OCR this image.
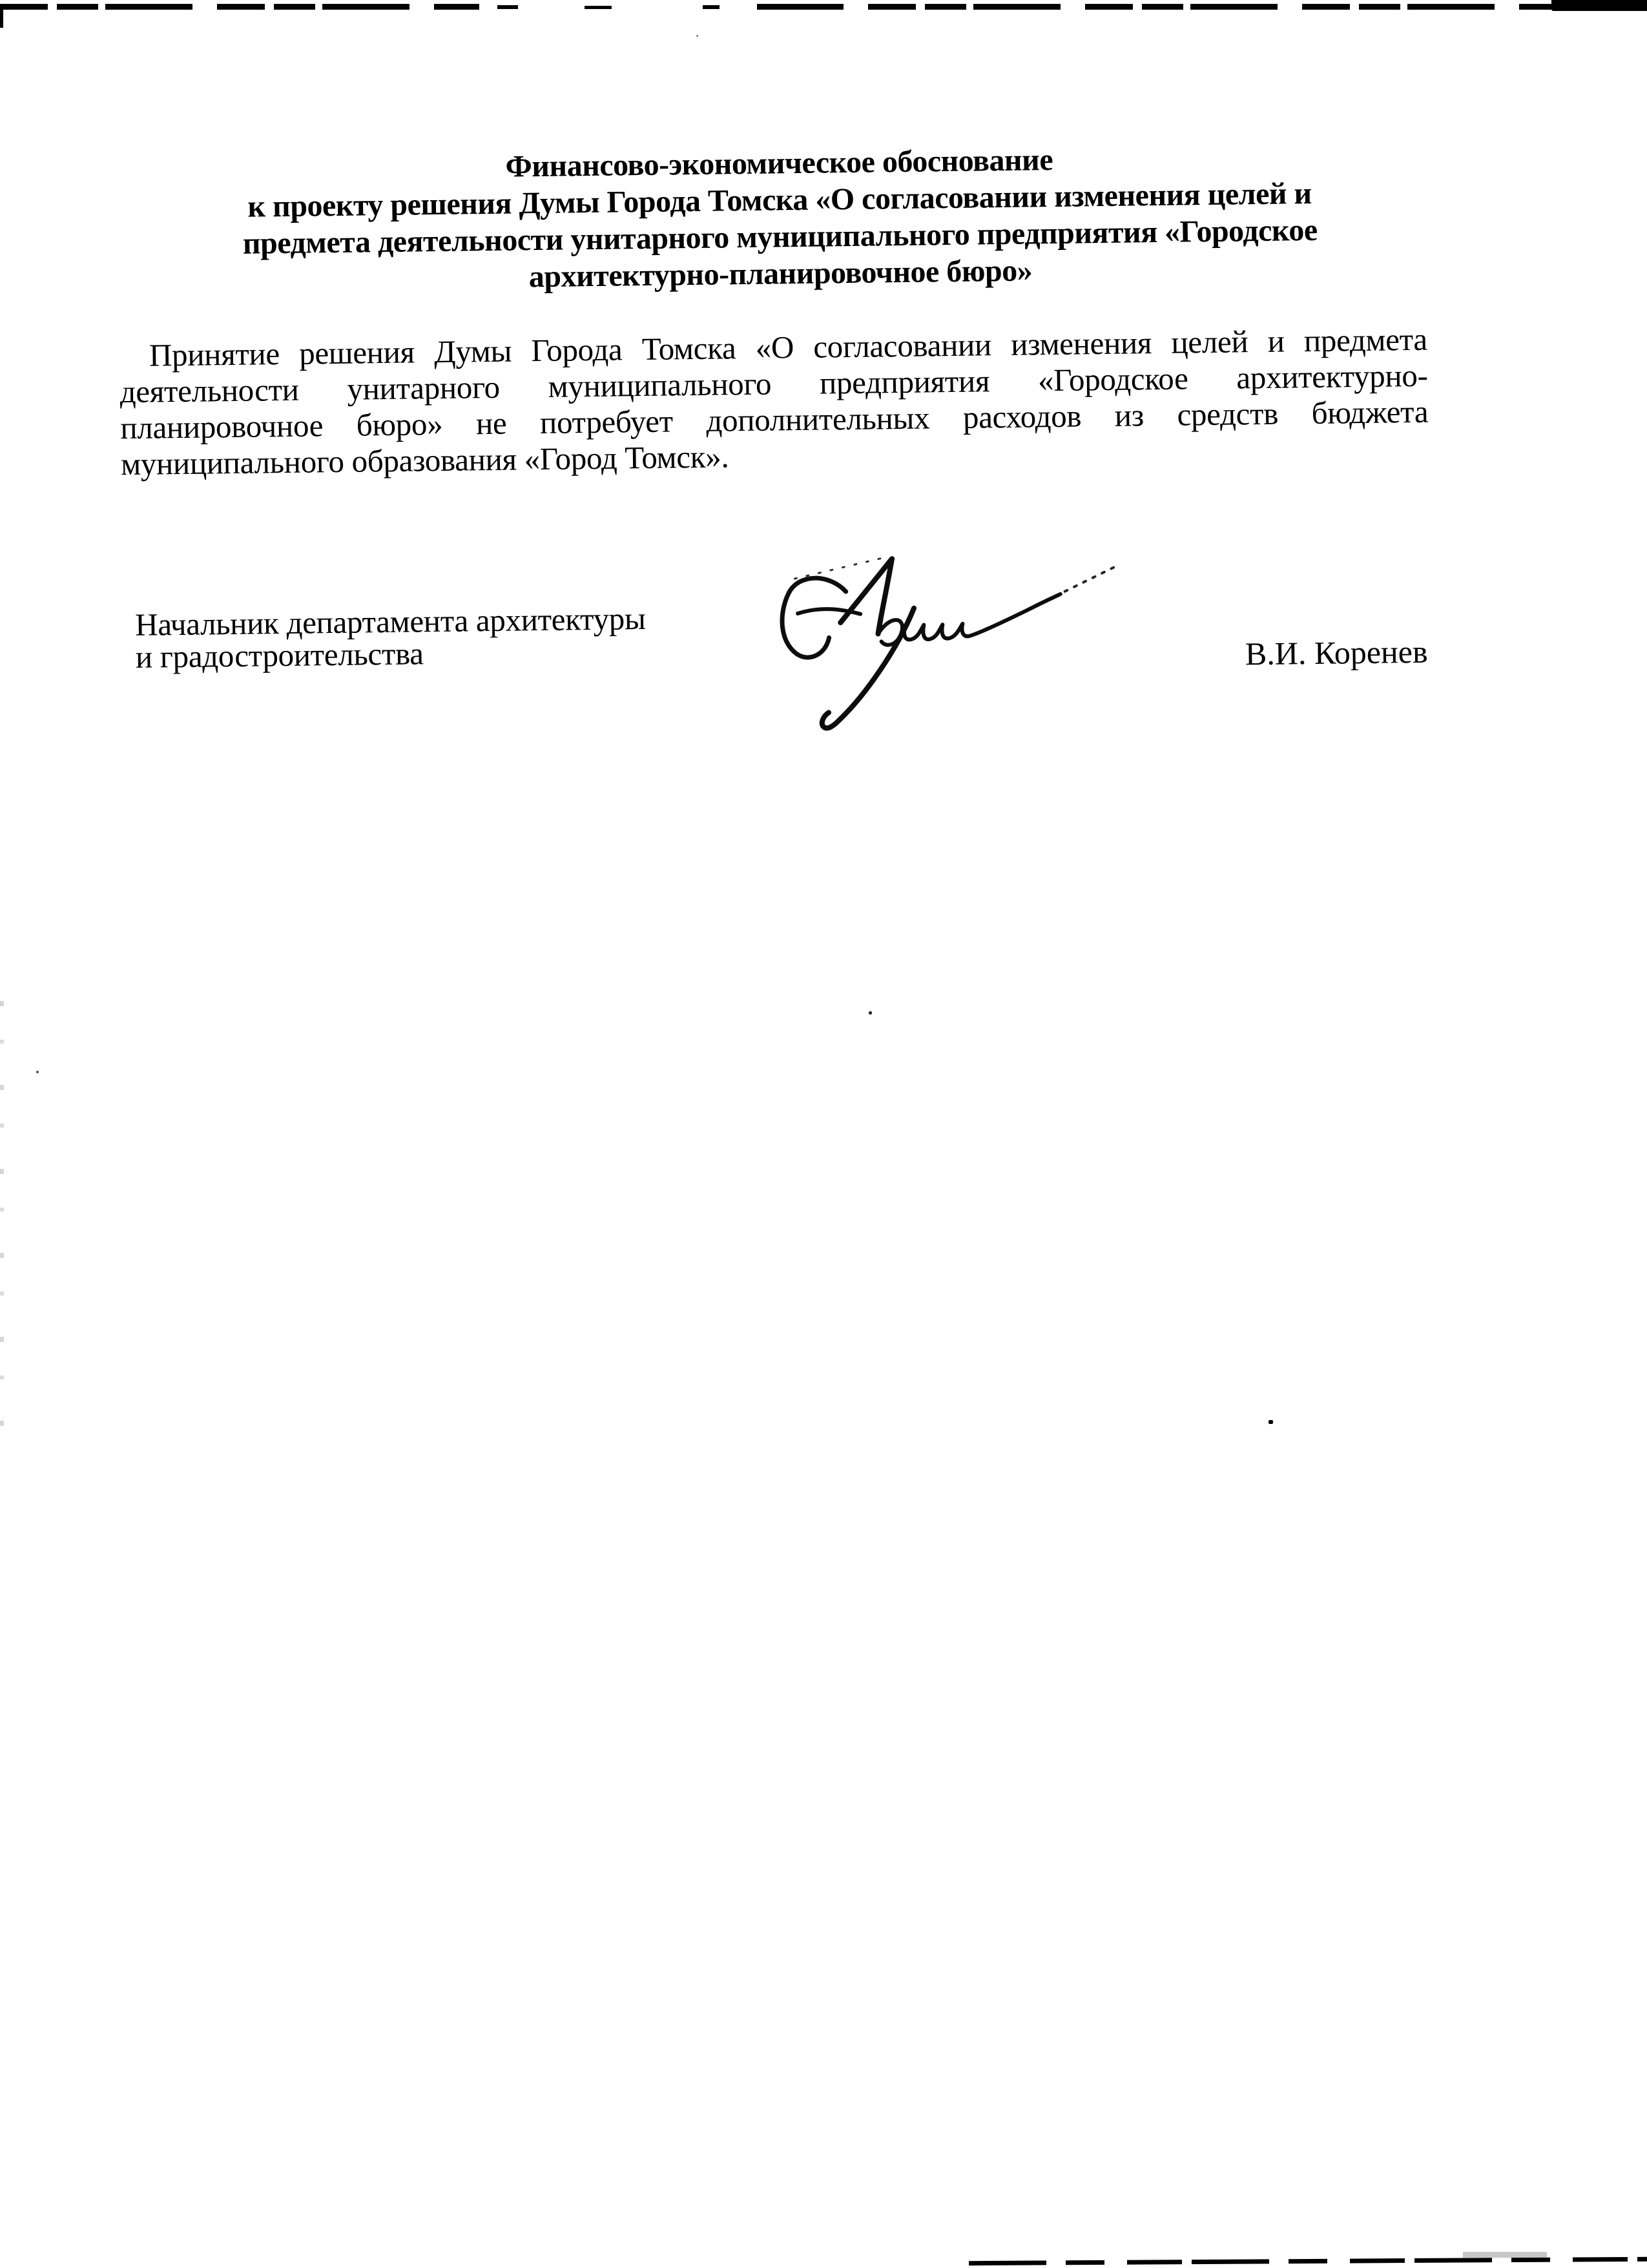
Финансово-экономическое обоснование
к проекту решения Думы Города Томска «О согласовании изменения целей и
предмета деятельности унитарного муниципального предприятия «Городское
архитектурно-планировочное бюро»
Принятие решения Думы Города Томска «О согласовании изменения целей и предмета
деятельности унитарного муниципального предприятия «Городское архитектурно-
планировочное бюро» не потребует дополнительных расходов из средств бюджета
муниципального образования «Город Томск».
Начальник департамента архитектуры
и градостроительства	В.И. Коренев
